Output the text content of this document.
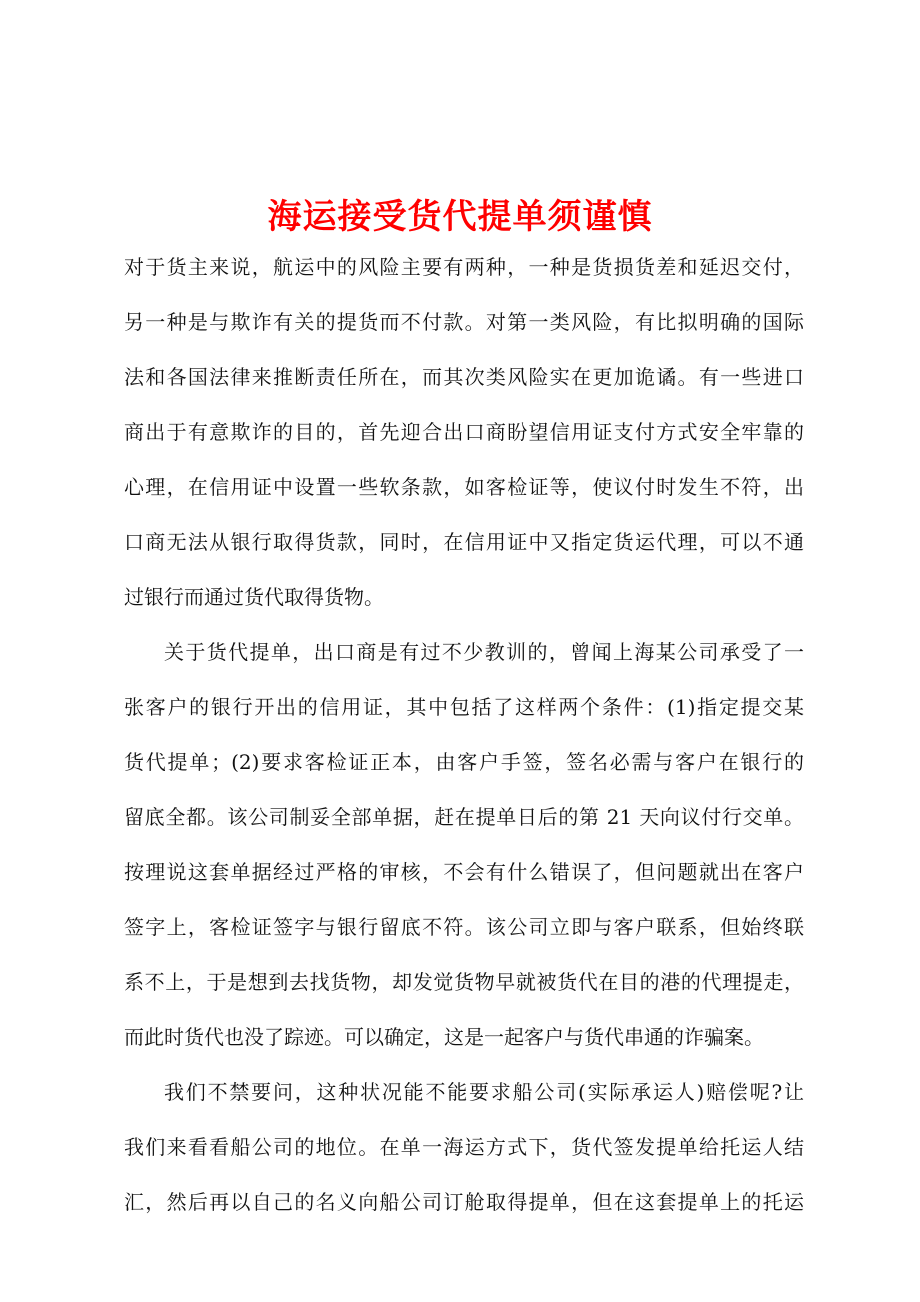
海运接受货代提单须谨慎
对于货主来说，航运中的风险主要有两种，一种是货损货差和延迟交付，
另一种是与欺诈有关的提货而不付款。对第一类风险，有比拟明确的国际
法和各国法律来推断责任所在，而其次类风险实在更加诡谲。有一些进口
商出于有意欺诈的目的，首先迎合出口商盼望信用证支付方式安全牢靠的
心理，在信用证中设置一些软条款，如客检证等，使议付时发生不符，出
口商无法从银行取得货款，同时，在信用证中又指定货运代理，可以不通
过银行而通过货代取得货物。
关于货代提单，出口商是有过不少教训的，曾闻上海某公司承受了一
张客户的银行开出的信用证，其中包括了这样两个条件：(1)指定提交某
货代提单；(2)要求客检证正本，由客户手签，签名必需与客户在银行的
留底全都。该公司制妥全部单据，赶在提单日后的第 21 天向议付行交单。
按理说这套单据经过严格的审核，不会有什么错误了，但问题就出在客户
签字上，客检证签字与银行留底不符。该公司立即与客户联系，但始终联
系不上，于是想到去找货物，却发觉货物早就被货代在目的港的代理提走，
而此时货代也没了踪迹。可以确定，这是一起客户与货代串通的诈骗案。
我们不禁要问，这种状况能不能要求船公司(实际承运人)赔偿呢?让
我们来看看船公司的地位。在单一海运方式下，货代签发提单给托运人结
汇，然后再以自己的名义向船公司订舱取得提单，但在这套提单上的托运
